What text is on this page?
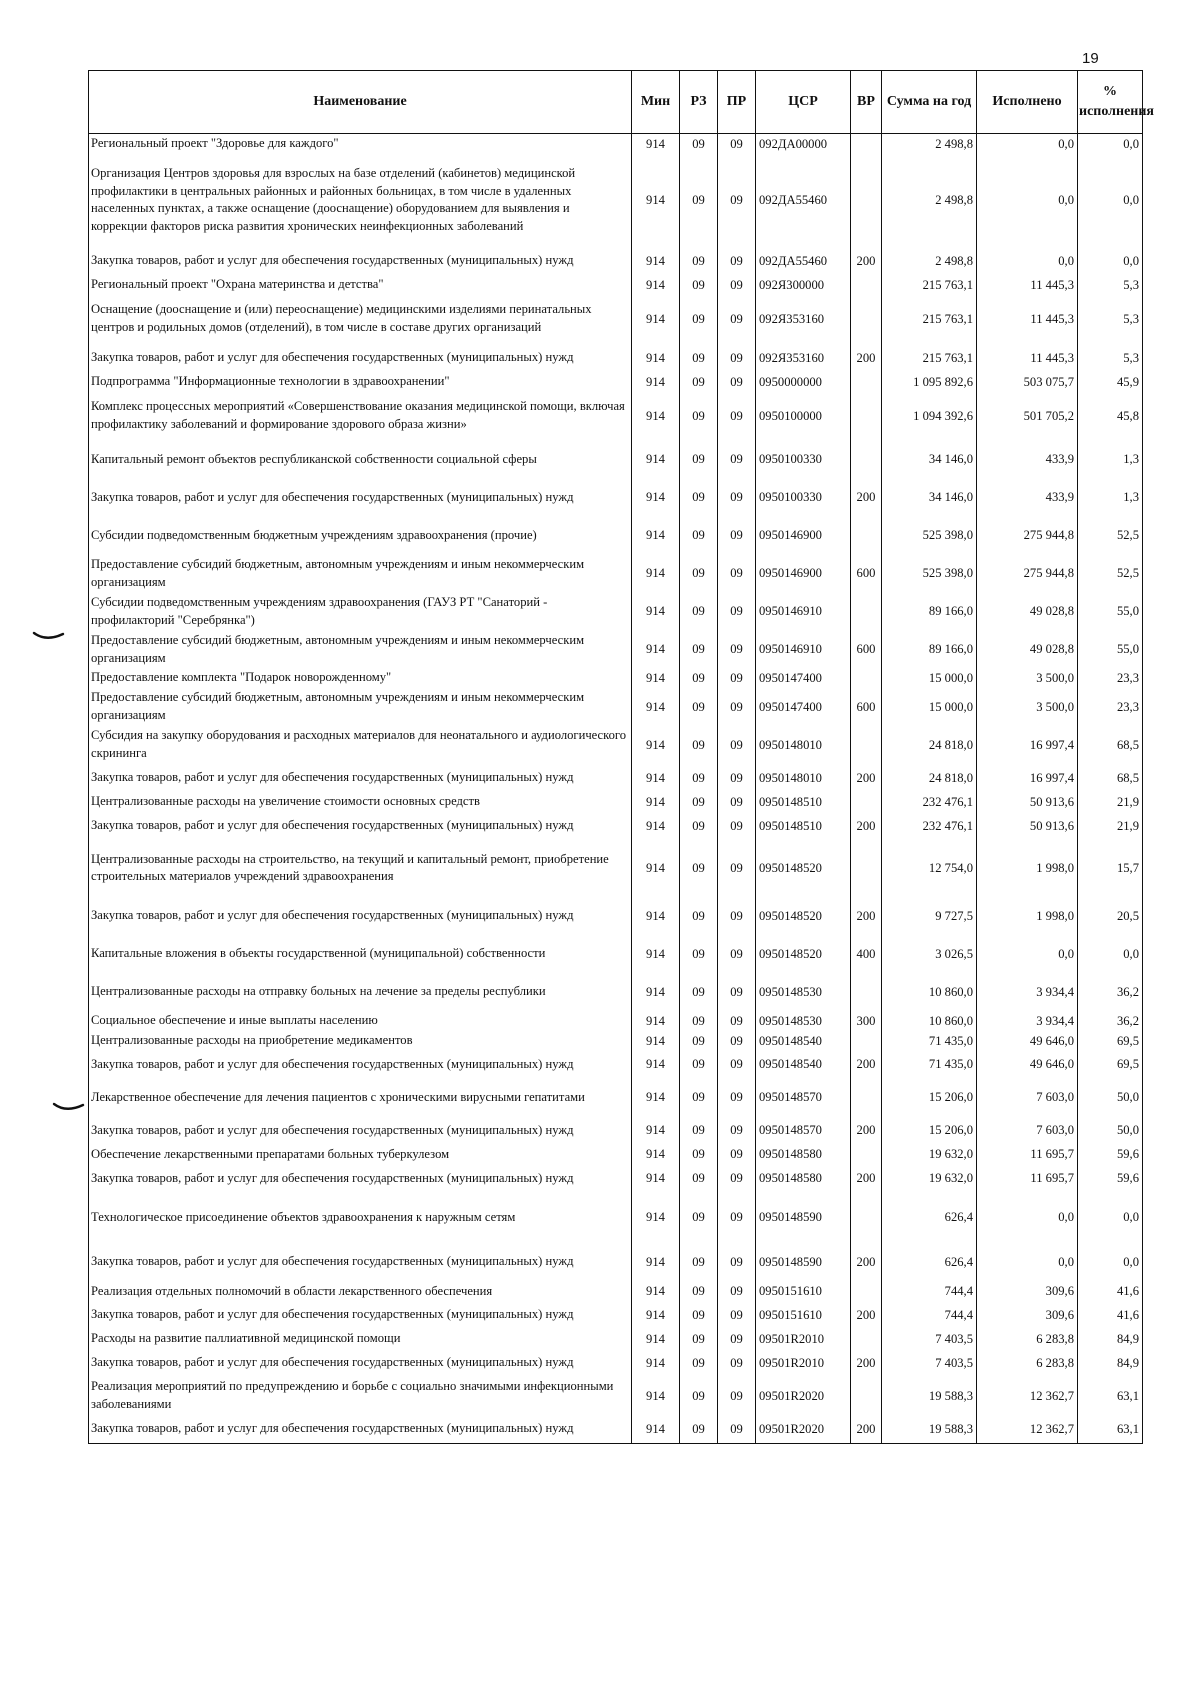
19
Наименование	Мин	РЗ	ПР	ЦСР	ВР	Сумма на год	Исполнено	% исполнения
Региональный проект "Здоровье для каждого"	914	09	09	092ДА00000		2 498,8	0,0	0,0
Организация Центров здоровья для взрослых на базе отделений (кабинетов) медицинской профилактики в центральных районных и районных больницах, в том числе в удаленных населенных пунктах, а также оснащение (дооснащение) оборудованием для выявления и коррекции факторов риска развития хронических неинфекционных заболеваний	914	09	09	092ДА55460		2 498,8	0,0	0,0
Закупка товаров, работ и услуг для обеспечения государственных (муниципальных) нужд	914	09	09	092ДА55460	200	2 498,8	0,0	0,0
Региональный проект "Охрана материнства и детства"	914	09	09	092Я300000		215 763,1	11 445,3	5,3
Оснащение (дооснащение и (или) переоснащение) медицинскими изделиями перинатальных центров и родильных домов (отделений), в том числе в составе других организаций	914	09	09	092Я353160		215 763,1	11 445,3	5,3
Закупка товаров, работ и услуг для обеспечения государственных (муниципальных) нужд	914	09	09	092Я353160	200	215 763,1	11 445,3	5,3
Подпрограмма "Информационные технологии в здравоохранении"	914	09	09	0950000000		1 095 892,6	503 075,7	45,9
Комплекс процессных мероприятий «Совершенствование оказания медицинской помощи, включая профилактику заболеваний и формирование здорового образа жизни»	914	09	09	0950100000		1 094 392,6	501 705,2	45,8
Капитальный ремонт объектов республиканской собственности социальной сферы	914	09	09	0950100330		34 146,0	433,9	1,3
Закупка товаров, работ и услуг для обеспечения государственных (муниципальных) нужд	914	09	09	0950100330	200	34 146,0	433,9	1,3
Субсидии подведомственным бюджетным учреждениям здравоохранения (прочие)	914	09	09	0950146900		525 398,0	275 944,8	52,5
Предоставление субсидий бюджетным, автономным учреждениям и иным некоммерческим организациям	914	09	09	0950146900	600	525 398,0	275 944,8	52,5
Субсидии подведомственным учреждениям здравоохранения (ГАУЗ РТ "Санаторий - профилакторий "Серебрянка")	914	09	09	0950146910		89 166,0	49 028,8	55,0
Предоставление субсидий бюджетным, автономным учреждениям и иным некоммерческим организациям	914	09	09	0950146910	600	89 166,0	49 028,8	55,0
Предоставление комплекта "Подарок новорожденному"	914	09	09	0950147400		15 000,0	3 500,0	23,3
Предоставление субсидий бюджетным, автономным учреждениям и иным некоммерческим организациям	914	09	09	0950147400	600	15 000,0	3 500,0	23,3
Субсидия на закупку оборудования и расходных материалов для неонатального и аудиологического скрининга	914	09	09	0950148010		24 818,0	16 997,4	68,5
Закупка товаров, работ и услуг для обеспечения государственных (муниципальных) нужд	914	09	09	0950148010	200	24 818,0	16 997,4	68,5
Централизованные расходы на увеличение стоимости основных средств	914	09	09	0950148510		232 476,1	50 913,6	21,9
Закупка товаров, работ и услуг для обеспечения государственных (муниципальных) нужд	914	09	09	0950148510	200	232 476,1	50 913,6	21,9
Централизованные расходы на строительство, на текущий и капитальный ремонт, приобретение строительных материалов учреждений здравоохранения	914	09	09	0950148520		12 754,0	1 998,0	15,7
Закупка товаров, работ и услуг для обеспечения государственных (муниципальных) нужд	914	09	09	0950148520	200	9 727,5	1 998,0	20,5
Капитальные вложения в объекты государственной (муниципальной) собственности	914	09	09	0950148520	400	3 026,5	0,0	0,0
Централизованные расходы на отправку больных на лечение за пределы республики	914	09	09	0950148530		10 860,0	3 934,4	36,2
Социальное обеспечение и иные выплаты населению	914	09	09	0950148530	300	10 860,0	3 934,4	36,2
Централизованные расходы на приобретение медикаментов	914	09	09	0950148540		71 435,0	49 646,0	69,5
Закупка товаров, работ и услуг для обеспечения государственных (муниципальных) нужд	914	09	09	0950148540	200	71 435,0	49 646,0	69,5
Лекарственное обеспечение для лечения пациентов с хроническими вирусными гепатитами	914	09	09	0950148570		15 206,0	7 603,0	50,0
Закупка товаров, работ и услуг для обеспечения государственных (муниципальных) нужд	914	09	09	0950148570	200	15 206,0	7 603,0	50,0
Обеспечение лекарственными препаратами больных туберкулезом	914	09	09	0950148580		19 632,0	11 695,7	59,6
Закупка товаров, работ и услуг для обеспечения государственных (муниципальных) нужд	914	09	09	0950148580	200	19 632,0	11 695,7	59,6
Технологическое присоединение объектов здравоохранения к наружным сетям	914	09	09	0950148590		626,4	0,0	0,0
Закупка товаров, работ и услуг для обеспечения государственных (муниципальных) нужд	914	09	09	0950148590	200	626,4	0,0	0,0
Реализация отдельных полномочий в области лекарственного обеспечения	914	09	09	0950151610		744,4	309,6	41,6
Закупка товаров, работ и услуг для обеспечения государственных (муниципальных) нужд	914	09	09	0950151610	200	744,4	309,6	41,6
Расходы на развитие паллиативной медицинской помощи	914	09	09	09501R2010		7 403,5	6 283,8	84,9
Закупка товаров, работ и услуг для обеспечения государственных (муниципальных) нужд	914	09	09	09501R2010	200	7 403,5	6 283,8	84,9
Реализация мероприятий по предупреждению и борьбе с социально значимыми инфекционными заболеваниями	914	09	09	09501R2020		19 588,3	12 362,7	63,1
Закупка товаров, работ и услуг для обеспечения государственных (муниципальных) нужд	914	09	09	09501R2020	200	19 588,3	12 362,7	63,1
